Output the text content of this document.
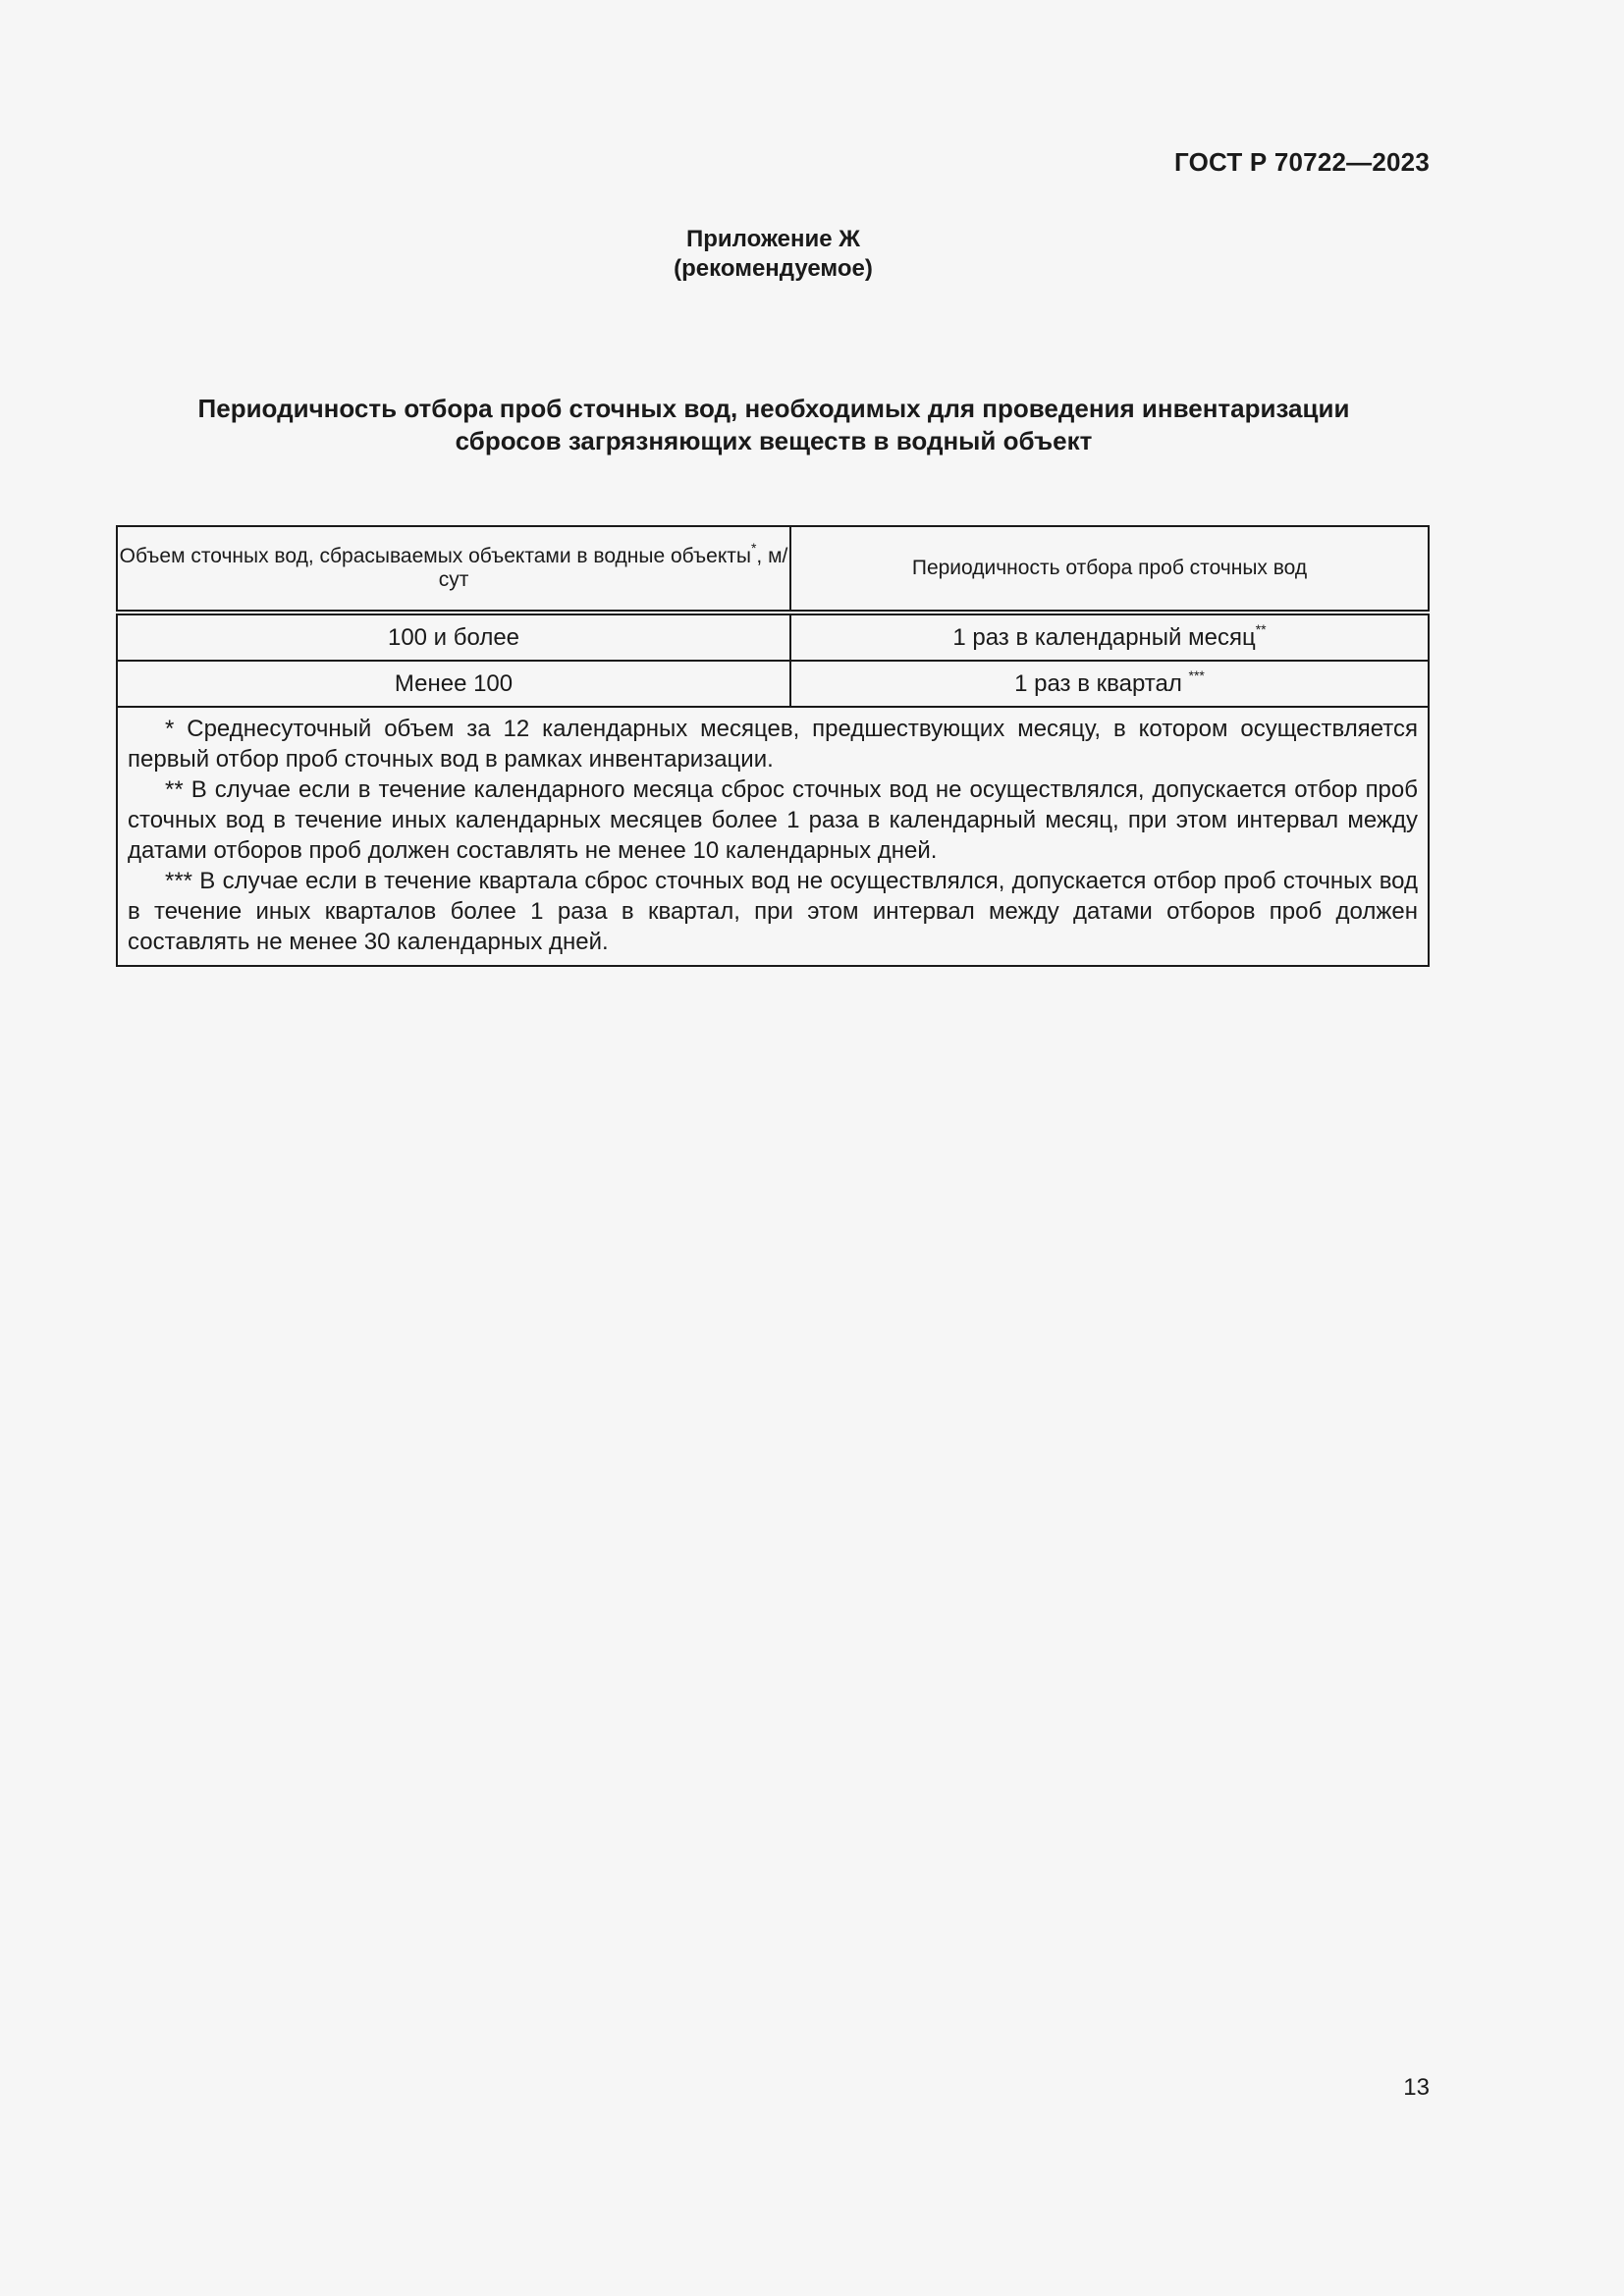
ГОСТ Р 70722—2023
Приложение Ж
(рекомендуемое)
Периодичность отбора проб сточных вод, необходимых для проведения инвентаризации
сбросов загрязняющих веществ в водный объект
Объем сточных вод, сбрасываемых объектами в водные объекты*, м/сут	Периодичность отбора проб сточных вод
100 и более	1 раз в календарный месяц**
Менее 100	1 раз в квартал ***

* Среднесуточный объем за 12 календарных месяцев, предшествующих месяцу, в котором осуществляется первый отбор проб сточных вод в рамках инвентаризации.

** В случае если в течение календарного месяца сброс сточных вод не осуществлялся, допускается отбор проб сточных вод в течение иных календарных месяцев более 1 раза в календарный месяц, при этом интервал между датами отборов проб должен составлять не менее 10 календарных дней.

*** В случае если в течение квартала сброс сточных вод не осуществлялся, допускается отбор проб сточных вод в течение иных кварталов более 1 раза в квартал, при этом интервал между датами отборов проб должен составлять не менее 30 календарных дней.	

13
